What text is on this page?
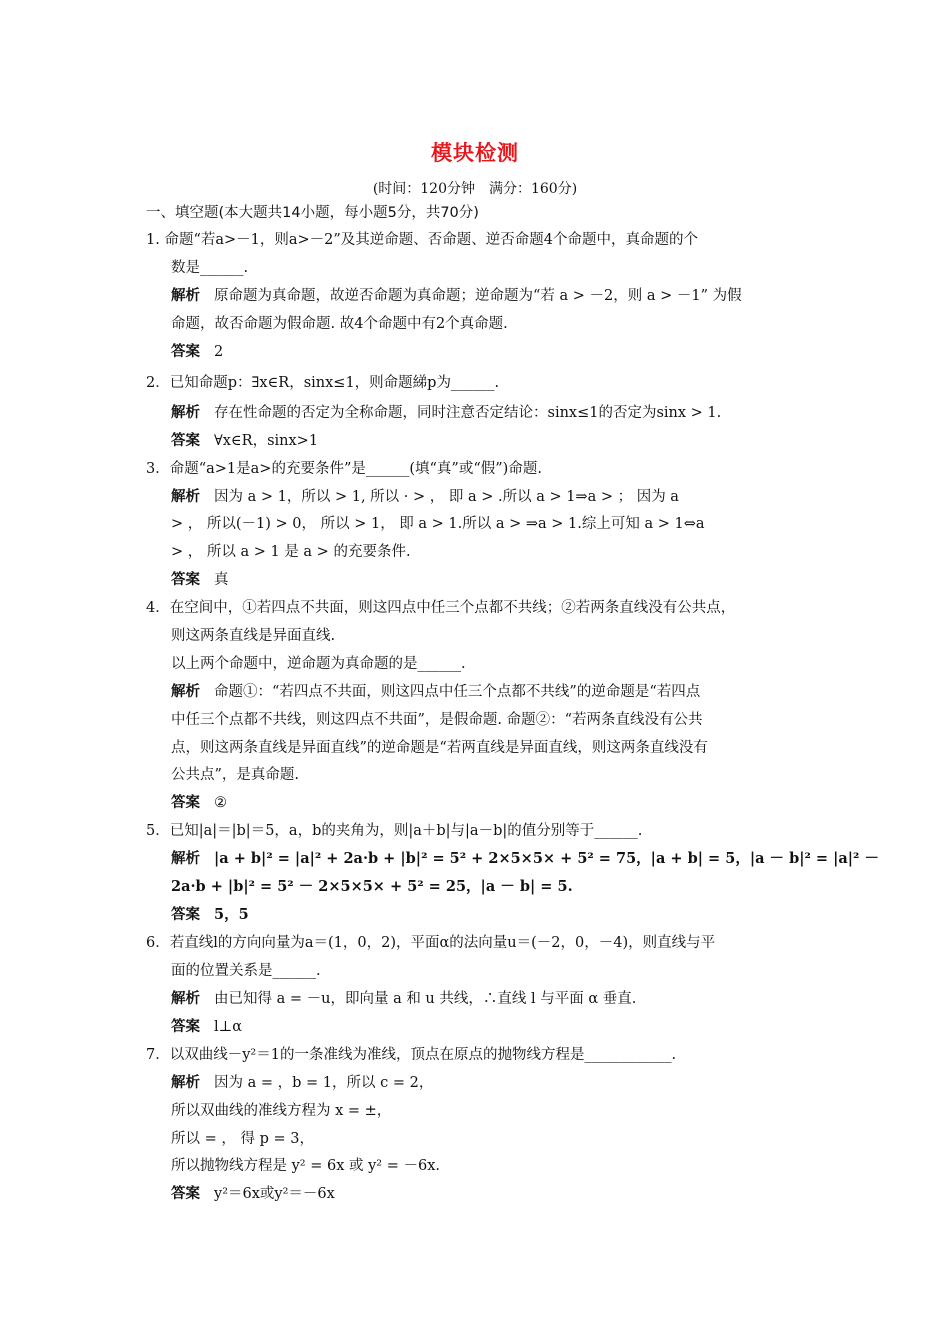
模块检测
(时间：120分钟　满分：160分)
一、填空题(本大题共14小题，每小题5分，共70分)
1. 命题“若a>－1，则a>－2”及其逆命题、否命题、逆否命题4个命题中，真命题的个
数是______.
解析 原命题为真命题，故逆否命题为真命题；逆命题为“若 a > －2，则 a > －1” 为假
命题，故否命题为假命题. 故4个命题中有2个真命题.
答案 2
2．已知命题p：∃x∈R，sinx≤1，则命题綈p为______.
解析 存在性命题的否定为全称命题，同时注意否定结论：sinx≤1的否定为sinx > 1.
答案 ∀x∈R，sinx>1
3．命题“a>1是a>的充要条件”是______(填“真”或“假”)命题.
解析 因为 a > 1，所以 > 1, 所以 · > ， 即 a > .所以 a > 1⇒a > ； 因为 a
> ， 所以(－1) > 0， 所以 > 1， 即 a > 1.所以 a > ⇒a > 1.综上可知 a > 1⇔a
> ， 所以 a > 1 是 a > 的充要条件.
答案 真
4．在空间中，①若四点不共面，则这四点中任三个点都不共线；②若两条直线没有公共点，
则这两条直线是异面直线.
以上两个命题中，逆命题为真命题的是______.
解析 命题①：“若四点不共面，则这四点中任三个点都不共线”的逆命题是“若四点
中任三个点都不共线，则这四点不共面”，是假命题. 命题②：“若两条直线没有公共
点，则这两条直线是异面直线”的逆命题是“若两直线是异面直线，则这两条直线没有
公共点”，是真命题.
答案 ②
5．已知|a|＝|b|＝5，a，b的夹角为，则|a＋b|与|a－b|的值分别等于______.
解析 |a + b|² = |a|² + 2a·b + |b|² = 5² + 2×5×5× + 5² = 75，|a + b| = 5，|a － b|² = |a|² －
2a·b + |b|² = 5² － 2×5×5× + 5² = 25，|a － b| = 5.
答案 5，5
6．若直线l的方向向量为a＝(1，0，2)，平面α的法向量u＝(－2，0，－4)，则直线与平
面的位置关系是______.
解析 由已知得 a = －u，即向量 a 和 u 共线，∴直线 l 与平面 α 垂直.
答案 l⊥α
7．以双曲线－y²＝1的一条准线为准线，顶点在原点的抛物线方程是____________.
解析 因为 a = ，b = 1，所以 c = 2，
所以双曲线的准线方程为 x = ±，
所以 = ， 得 p = 3，
所以抛物线方程是 y² = 6x 或 y² = －6x.
答案 y²＝6x或y²＝－6x
